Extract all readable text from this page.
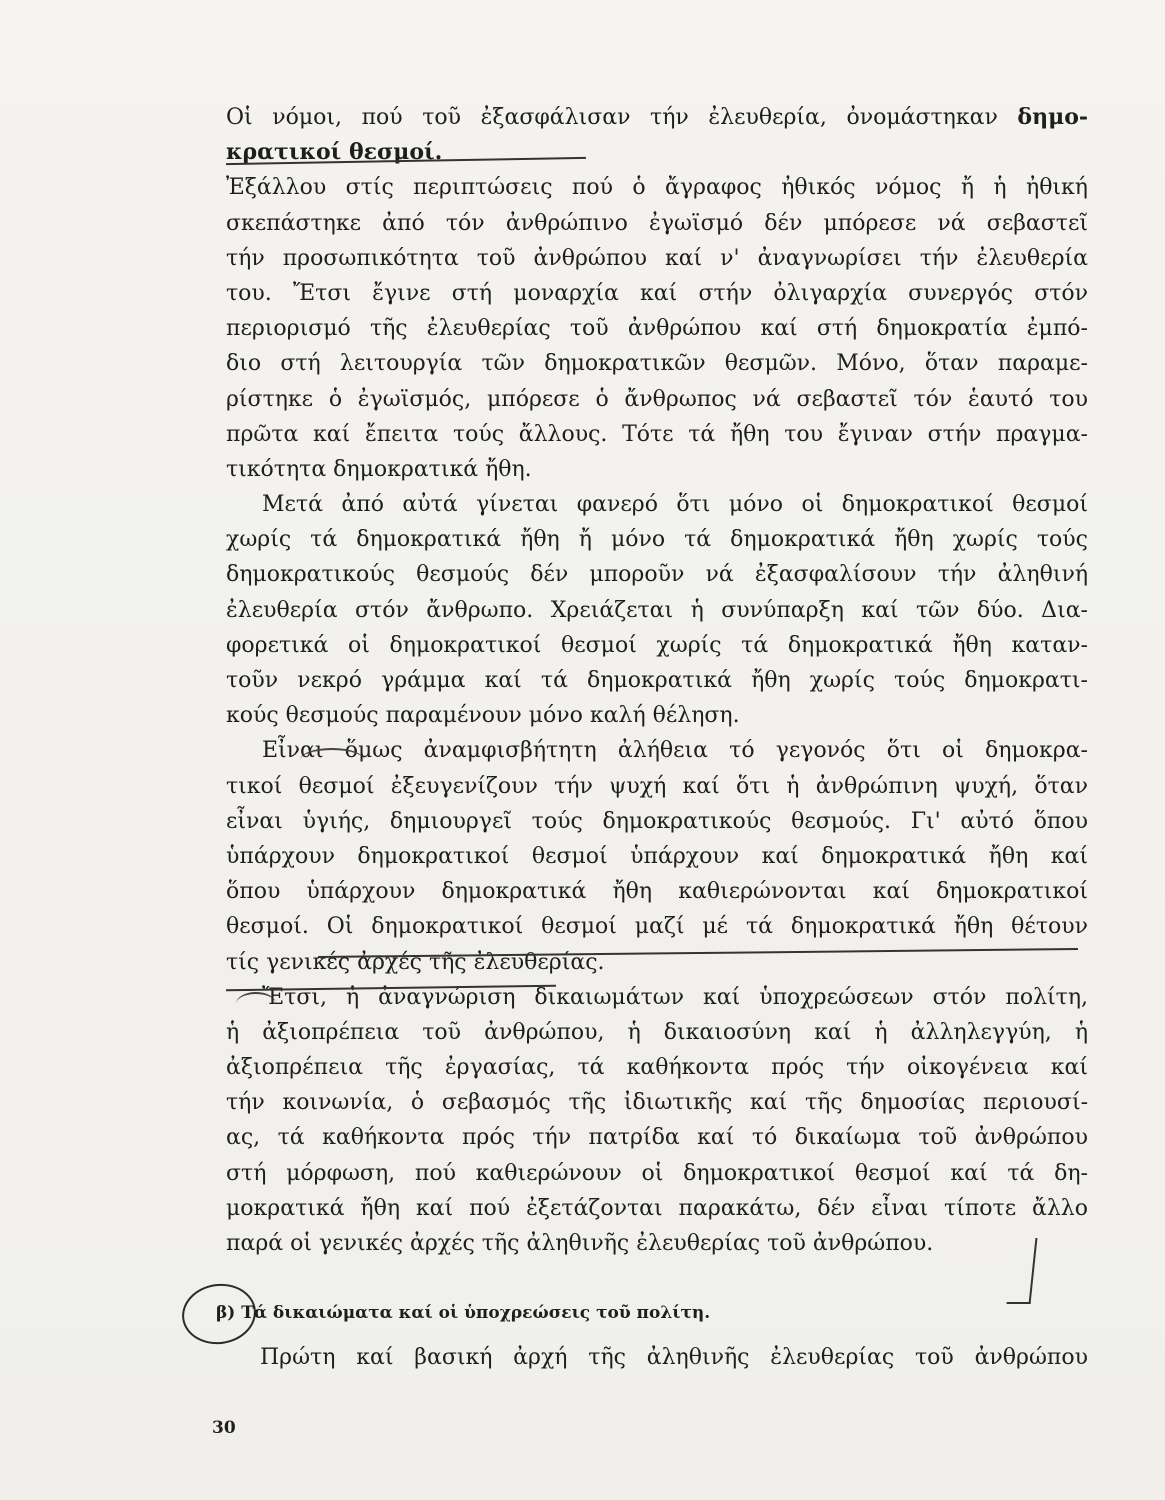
Οἱ νόμοι, πού τοῦ ἐξασφάλισαν τήν ἐλευθερία, ὀνομάστηκαν δημο-
κρατικοί θεσμοί.
Ἐξάλλου στίς περιπτώσεις πού ὁ ἄγραφος ἠθικός νόμος ἤ ἡ ἠθική
σκεπάστηκε ἀπό τόν ἀνθρώπινο ἐγωϊσμό δέν μπόρεσε νά σεβαστεῖ
τήν προσωπικότητα τοῦ ἀνθρώπου καί ν' ἀναγνωρίσει τήν ἐλευθερία
του. Ἔτσι ἔγινε στή μοναρχία καί στήν ὀλιγαρχία συνεργός στόν
περιορισμό τῆς ἐλευθερίας τοῦ ἀνθρώπου καί στή δημοκρατία ἐμπό-
διο στή λειτουργία τῶν δημοκρατικῶν θεσμῶν. Μόνο, ὅταν παραμε-
ρίστηκε ὁ ἐγωϊσμός, μπόρεσε ὁ ἄνθρωπος νά σεβαστεῖ τόν ἑαυτό του
πρῶτα καί ἔπειτα τούς ἄλλους. Τότε τά ἤθη του ἔγιναν στήν πραγμα-
τικότητα δημοκρατικά ἤθη.
Μετά ἀπό αὐτά γίνεται φανερό ὅτι μόνο οἱ δημοκρατικοί θεσμοί
χωρίς τά δημοκρατικά ἤθη ἤ μόνο τά δημοκρατικά ἤθη χωρίς τούς
δημοκρατικούς θεσμούς δέν μποροῦν νά ἐξασφαλίσουν τήν ἀληθινή
ἐλευθερία στόν ἄνθρωπο. Χρειάζεται ἡ συνύπαρξη καί τῶν δύο. Δια-
φορετικά οἱ δημοκρατικοί θεσμοί χωρίς τά δημοκρατικά ἤθη καταν-
τοῦν νεκρό γράμμα καί τά δημοκρατικά ἤθη χωρίς τούς δημοκρατι-
κούς θεσμούς παραμένουν μόνο καλή θέληση.
Εἶναι ὅμως ἀναμφισβήτητη ἀλήθεια τό γεγονός ὅτι οἱ δημοκρα-
τικοί θεσμοί ἐξευγενίζουν τήν ψυχή καί ὅτι ἡ ἀνθρώπινη ψυχή, ὅταν
εἶναι ὑγιής, δημιουργεῖ τούς δημοκρατικούς θεσμούς. Γι' αὐτό ὅπου
ὑπάρχουν δημοκρατικοί θεσμοί ὑπάρχουν καί δημοκρατικά ἤθη καί
ὅπου ὑπάρχουν δημοκρατικά ἤθη καθιερώνονται καί δημοκρατικοί
θεσμοί. Οἱ δημοκρατικοί θεσμοί μαζί μέ τά δημοκρατικά ἤθη θέτουν
τίς γενικές ἀρχές τῆς ἐλευθερίας.
Ἔτσι, ἡ ἀναγνώριση δικαιωμάτων καί ὑποχρεώσεων στόν πολίτη,
ἡ ἀξιοπρέπεια τοῦ ἀνθρώπου, ἡ δικαιοσύνη καί ἡ ἀλληλεγγύη, ἡ
ἀξιοπρέπεια τῆς ἐργασίας, τά καθήκοντα πρός τήν οἰκογένεια καί
τήν κοινωνία, ὁ σεβασμός τῆς ἰδιωτικῆς καί τῆς δημοσίας περιουσί-
ας, τά καθήκοντα πρός τήν πατρίδα καί τό δικαίωμα τοῦ ἀνθρώπου
στή μόρφωση, πού καθιερώνουν οἱ δημοκρατικοί θεσμοί καί τά δη-
μοκρατικά ἤθη καί πού ἐξετάζονται παρακάτω, δέν εἶναι τίποτε ἄλλο
παρά οἱ γενικές ἀρχές τῆς ἀληθινῆς ἐλευθερίας τοῦ ἀνθρώπου.
β) Τά δικαιώματα καί οἱ ὑποχρεώσεις τοῦ πολίτη.
Πρώτη καί βασική ἀρχή τῆς ἀληθινῆς ἐλευθερίας τοῦ ἀνθρώπου
30
